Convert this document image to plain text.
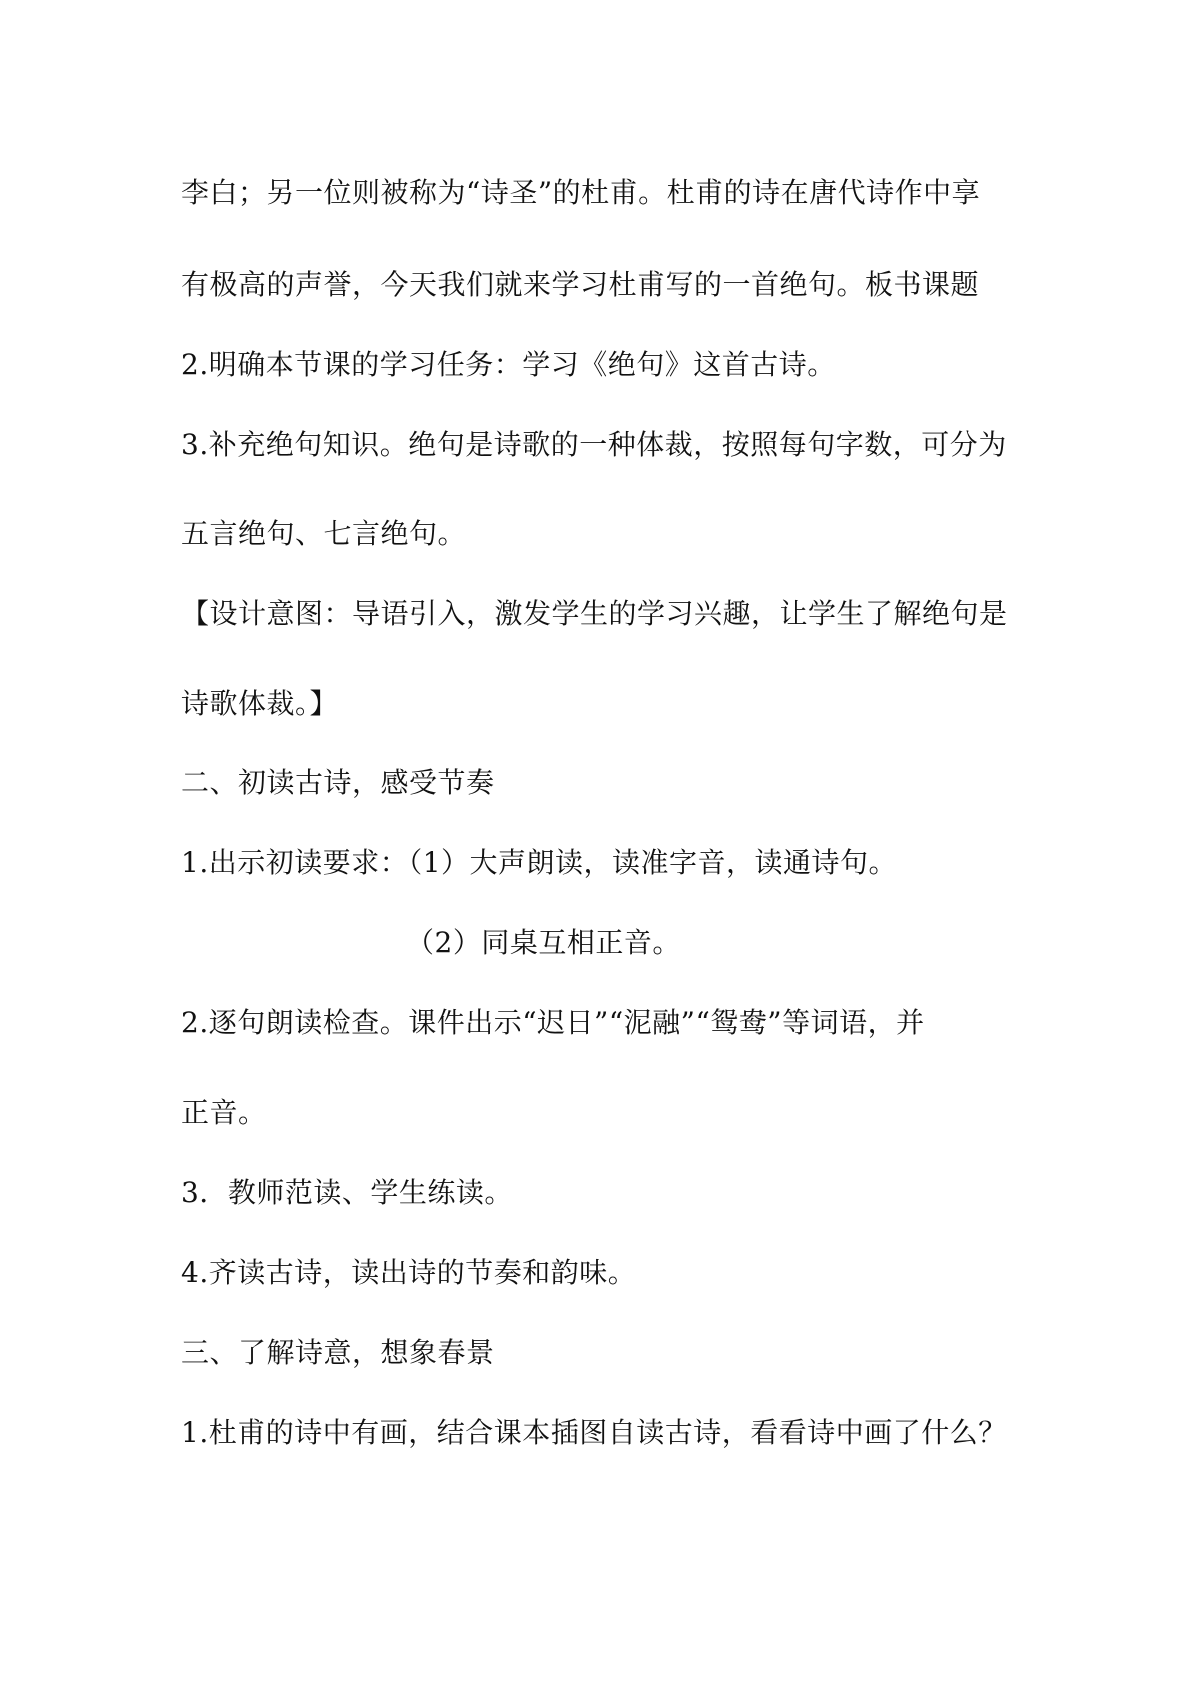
李白；另一位则被称为“诗圣”的杜甫。杜甫的诗在唐代诗作中享
有极高的声誉，今天我们就来学习杜甫写的一首绝句。板书课题
2.明确本节课的学习任务：学习《绝句》这首古诗。
3.补充绝句知识。绝句是诗歌的一种体裁，按照每句字数，可分为
五言绝句、七言绝句。
【设计意图：导语引入，激发学生的学习兴趣，让学生了解绝句是
诗歌体裁。】
二、初读古诗，感受节奏
1.出示初读要求：（1）大声朗读，读准字音，读通诗句。
（2）同桌互相正音。
2.逐句朗读检查。课件出示“迟日”“泥融”“鸳鸯”等词语，并
正音。
3．教师范读、学生练读。
4.齐读古诗，读出诗的节奏和韵味。
三、了解诗意，想象春景
1.杜甫的诗中有画，结合课本插图自读古诗，看看诗中画了什么？
